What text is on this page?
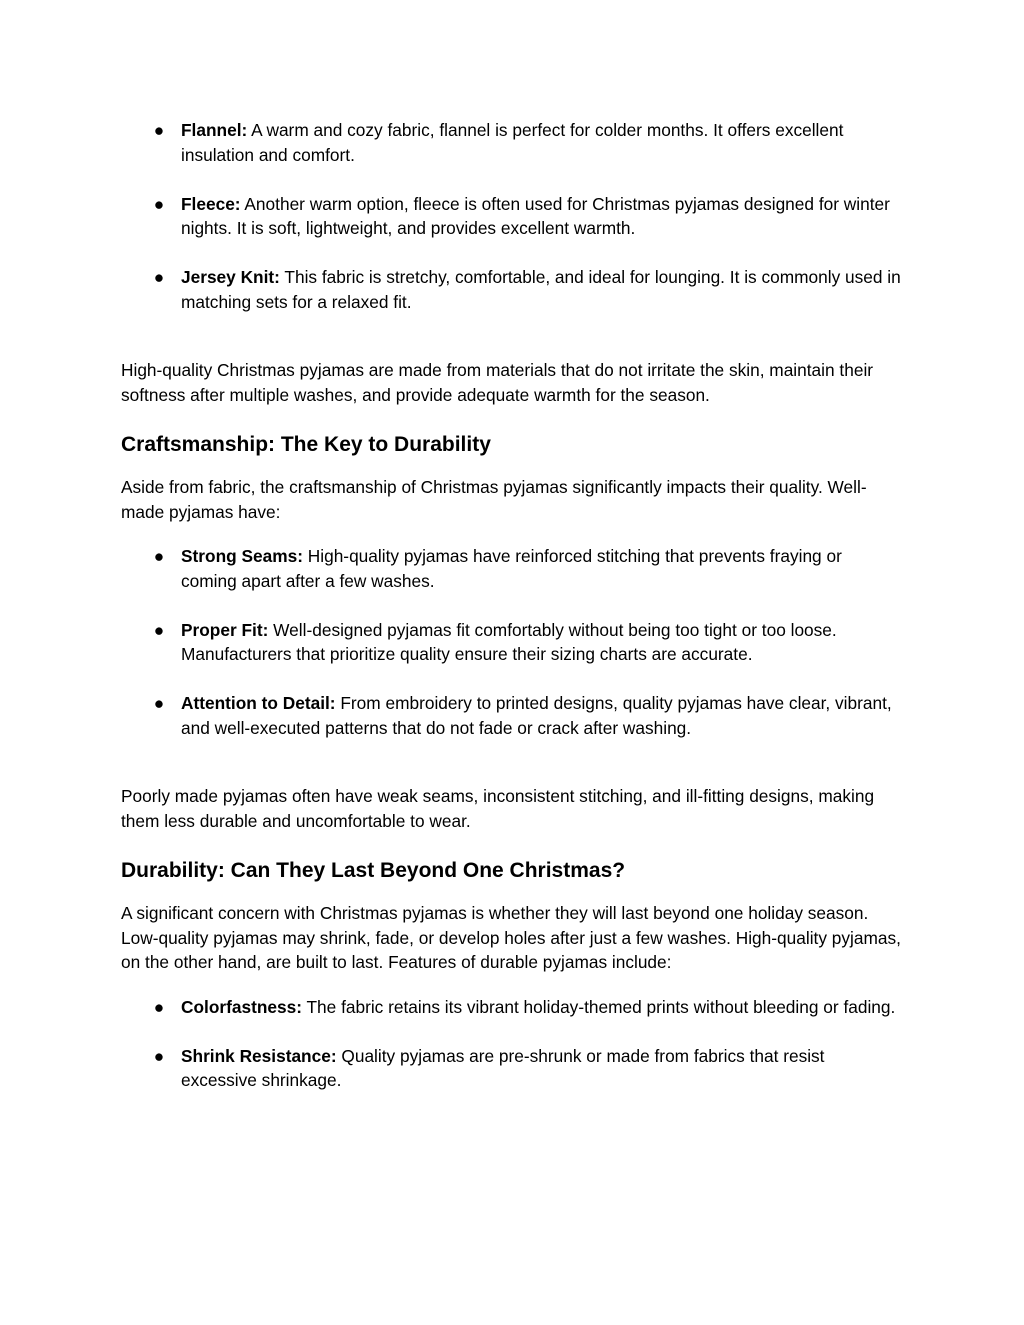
● Flannel: A warm and cozy fabric, flannel is perfect for colder months. It offers excellent insulation and comfort.
● Fleece: Another warm option, fleece is often used for Christmas pyjamas designed for winter nights. It is soft, lightweight, and provides excellent warmth.
● Jersey Knit: This fabric is stretchy, comfortable, and ideal for lounging. It is commonly used in matching sets for a relaxed fit.

High-quality Christmas pyjamas are made from materials that do not irritate the skin, maintain their softness after multiple washes, and provide adequate warmth for the season.

Craftsmanship: The Key to Durability

Aside from fabric, the craftsmanship of Christmas pyjamas significantly impacts their quality. Well-made pyjamas have:

● Strong Seams: High-quality pyjamas have reinforced stitching that prevents fraying or coming apart after a few washes.
● Proper Fit: Well-designed pyjamas fit comfortably without being too tight or too loose. Manufacturers that prioritize quality ensure their sizing charts are accurate.
● Attention to Detail: From embroidery to printed designs, quality pyjamas have clear, vibrant, and well-executed patterns that do not fade or crack after washing.

Poorly made pyjamas often have weak seams, inconsistent stitching, and ill-fitting designs, making them less durable and uncomfortable to wear.

Durability: Can They Last Beyond One Christmas?

A significant concern with Christmas pyjamas is whether they will last beyond one holiday season. Low-quality pyjamas may shrink, fade, or develop holes after just a few washes. High-quality pyjamas, on the other hand, are built to last. Features of durable pyjamas include:

● Colorfastness: The fabric retains its vibrant holiday-themed prints without bleeding or fading.
● Shrink Resistance: Quality pyjamas are pre-shrunk or made from fabrics that resist excessive shrinkage.
